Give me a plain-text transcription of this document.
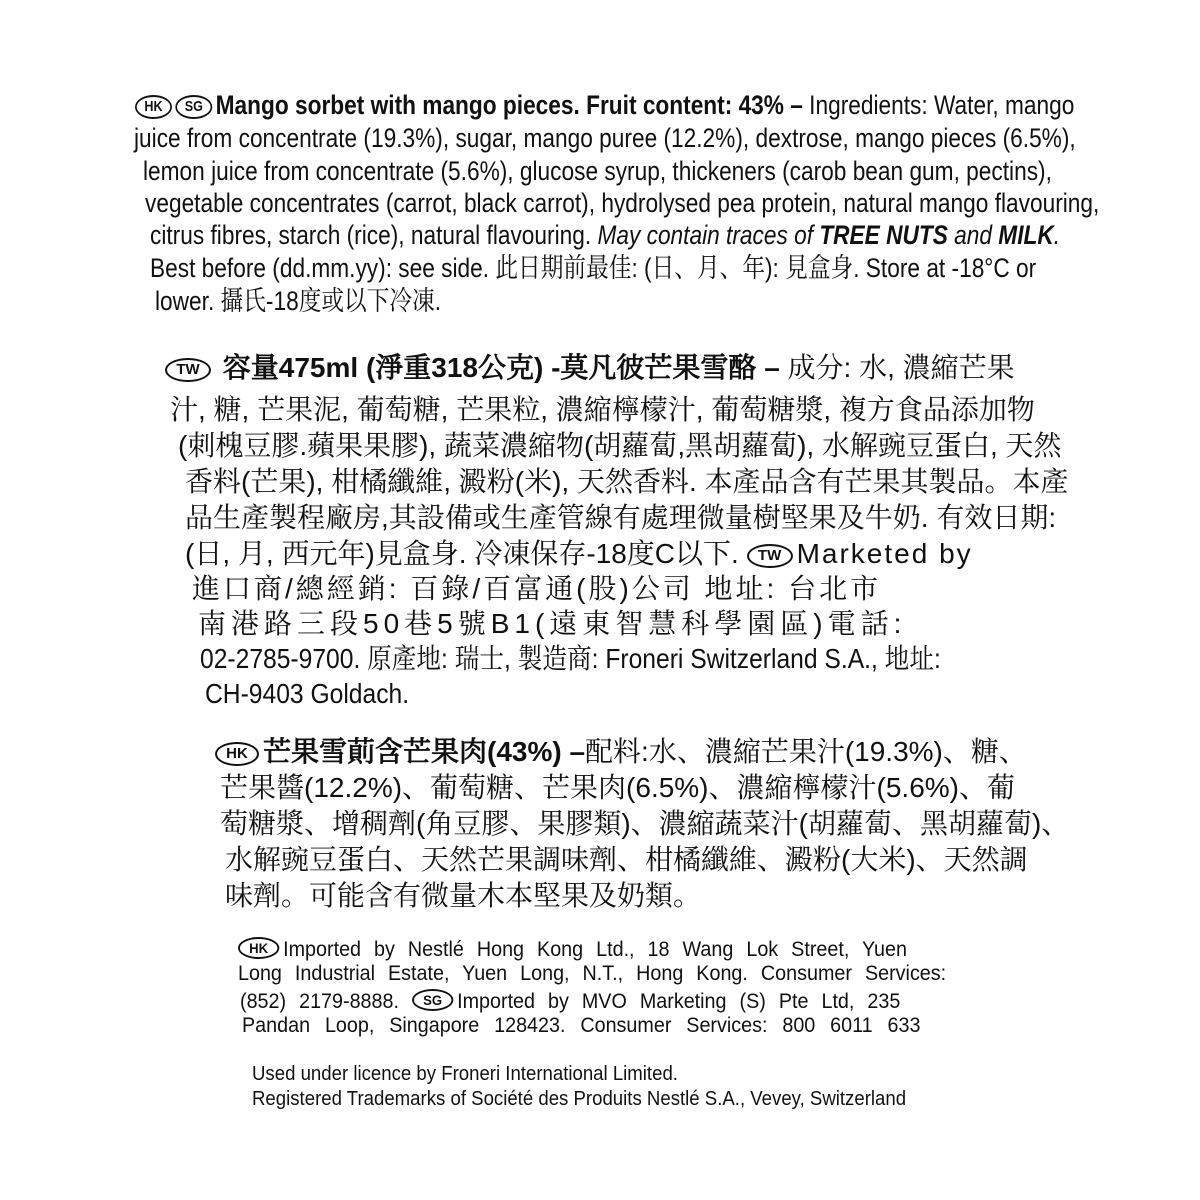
HK SG Mango sorbet with mango pieces. Fruit content: 43% – Ingredients: Water, mango
juice from concentrate (19.3%), sugar, mango puree (12.2%), dextrose, mango pieces (6.5%),
lemon juice from concentrate (5.6%), glucose syrup, thickeners (carob bean gum, pectins),
vegetable concentrates (carrot, black carrot), hydrolysed pea protein, natural mango flavouring,
citrus fibres, starch (rice), natural flavouring. May contain traces of TREE NUTS and MILK.
Best before (dd.mm.yy): see side. 此日期前最佳: (日、月、年): 見盒身. Store at -18°C or
lower. 攝氏-18度或以下冷凍.
TW 容量475ml (淨重318公克) -莫凡彼芒果雪酪 – 成分: 水, 濃縮芒果
汁, 糖, 芒果泥, 葡萄糖, 芒果粒, 濃縮檸檬汁, 葡萄糖漿, 複方食品添加物
(刺槐豆膠.蘋果果膠), 蔬菜濃縮物(胡蘿蔔,黑胡蘿蔔), 水解豌豆蛋白, 天然
香料(芒果), 柑橘纖維, 澱粉(米), 天然香料. 本產品含有芒果其製品。本產
品生產製程廠房,其設備或生產管線有處理微量樹堅果及牛奶. 有效日期:
(日, 月, 西元年)見盒身. 冷凍保存-18度C以下. TW Marketed by
進口商/總經銷: 百錄/百富通(股)公司 地址: 台北市
南港路三段50巷5號B1(遠東智慧科學園區)電話:
02-2785-9700. 原產地: 瑞士, 製造商: Froneri Switzerland S.A., 地址:
CH-9403 Goldach.
HK 芒果雪萴含芒果肉(43%) –配料:水、濃縮芒果汁(19.3%)、糖、
芒果醬(12.2%)、葡萄糖、芒果肉(6.5%)、濃縮檸檬汁(5.6%)、葡
萄糖漿、增稠劑(角豆膠、果膠類)、濃縮蔬菜汁(胡蘿蔔、黑胡蘿蔔)、
水解豌豆蛋白、天然芒果調味劑、柑橘纖維、澱粉(大米)、天然調
味劑。可能含有微量木本堅果及奶類。
HK Imported by Nestlé Hong Kong Ltd., 18 Wang Lok Street, Yuen
Long Industrial Estate, Yuen Long, N.T., Hong Kong. Consumer Services:
(852) 2179-8888. SG Imported by MVO Marketing (S) Pte Ltd, 235
Pandan Loop, Singapore 128423. Consumer Services: 800 6011 633
Used under licence by Froneri International Limited.
Registered Trademarks of Société des Produits Nestlé S.A., Vevey, Switzerland
